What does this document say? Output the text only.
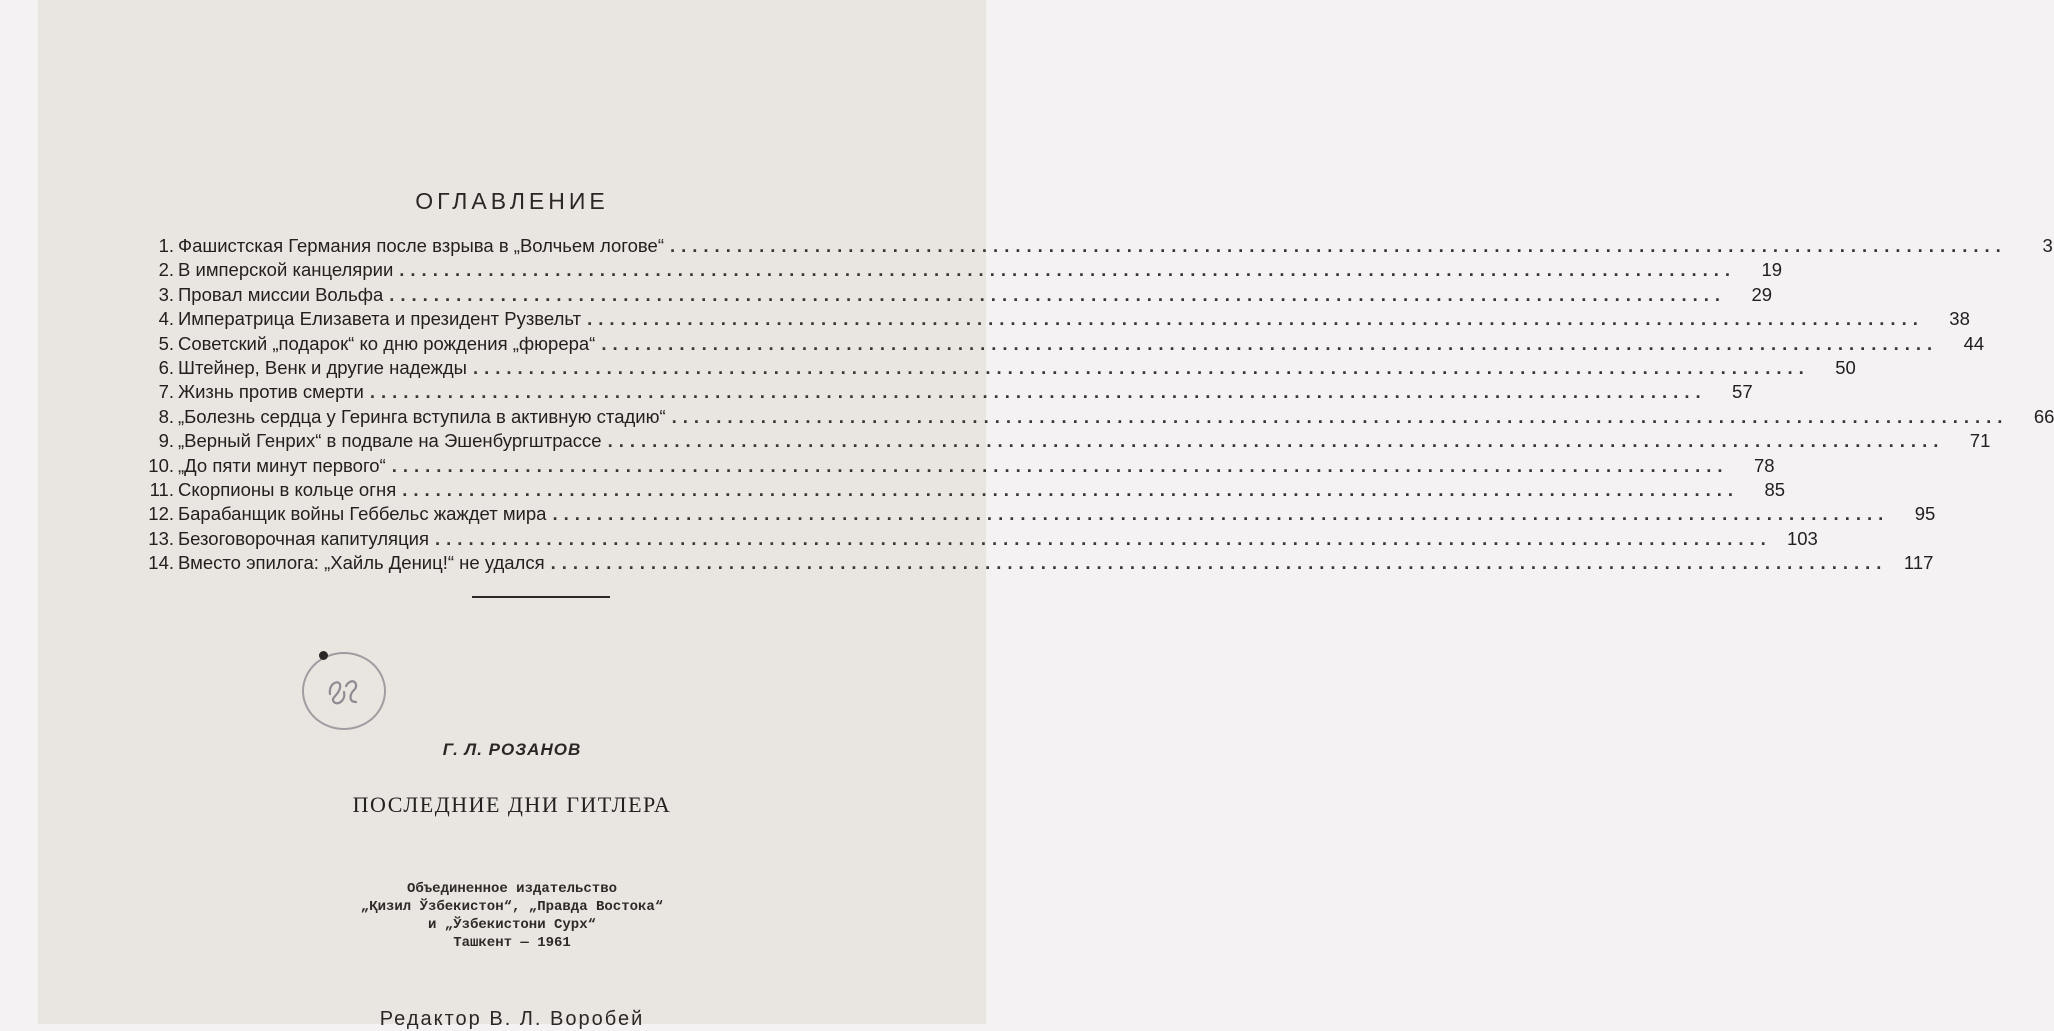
ОГЛАВЛЕНИЕ
1. Фашистская Германия после взрыва в „Волчьем логове“ ........................................................................................................................	3
2. В имперской канцелярии ........................................................................................................................	19
3. Провал миссии Вольфа ........................................................................................................................	29
4. Императрица Елизавета и президент Рузвельт ........................................................................................................................	38
5. Советский „подарок“ ко дню рождения „фюрера“ ........................................................................................................................	44
6. Штейнер, Венк и другие надежды ........................................................................................................................	50
7. Жизнь против смерти ........................................................................................................................	57
8. „Болезнь сердца у Геринга вступила в активную стадию“ ........................................................................................................................	66
9. „Верный Генрих“ в подвале на Эшенбургштрассе ........................................................................................................................	71
10. „До пяти минут первого“ ........................................................................................................................	78
11. Скорпионы в кольце огня ........................................................................................................................	85
12. Барабанщик войны Геббельс жаждет мира ........................................................................................................................	95
13. Безоговорочная капитуляция ........................................................................................................................ 103
14. Вместо эпилога: „Хайль Дениц!“ не удался ........................................................................................................................ 117
Г. Л. РОЗАНОВ
ПОСЛЕДНИЕ ДНИ ГИТЛЕРА
Объединенное издательство
„Қизил Ўзбекистон“, „Правда Востока“
и „Ўзбекистони Сурх“
Ташкент — 1961
Редактор В. Л. Воробей
